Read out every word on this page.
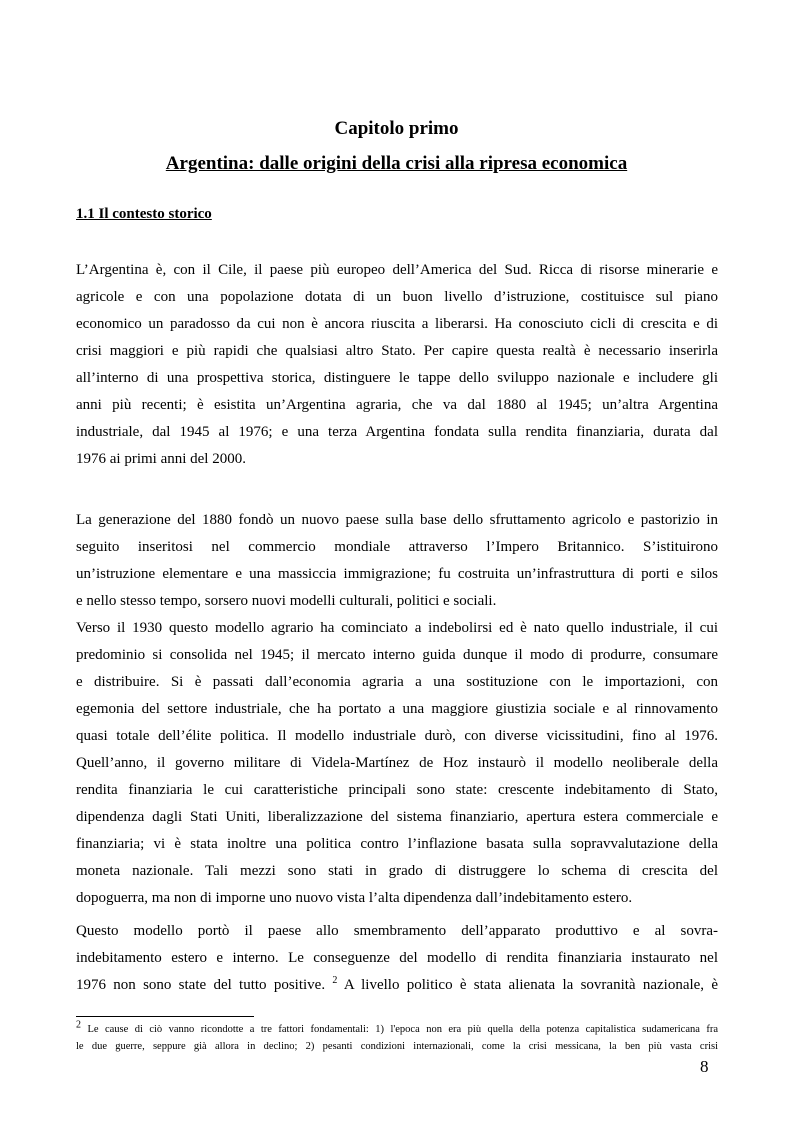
Capitolo primo
Argentina: dalle origini della crisi alla ripresa economica
1.1 Il contesto storico
L’Argentina è, con il Cile, il paese più europeo dell’America del Sud. Ricca di risorse minerarie e
agricole e con una popolazione dotata di un buon livello d’istruzione, costituisce sul piano
economico un paradosso da cui non è ancora riuscita a liberarsi. Ha conosciuto cicli di crescita e di
crisi maggiori e più rapidi che qualsiasi altro Stato. Per capire questa realtà è necessario inserirla
all’interno di una prospettiva storica, distinguere le tappe dello sviluppo nazionale e includere gli
anni più recenti; è esistita un’Argentina agraria, che va dal 1880 al 1945; un’altra Argentina
industriale, dal 1945 al 1976; e una terza Argentina fondata sulla rendita finanziaria, durata dal
1976 ai primi anni del 2000.
La generazione del 1880 fondò un nuovo paese sulla base dello sfruttamento agricolo e pastorizio in
seguito inseritosi nel commercio mondiale attraverso l’Impero Britannico. S’istituirono
un’istruzione elementare e una massiccia immigrazione; fu costruita un’infrastruttura di porti e silos
e nello stesso tempo, sorsero nuovi modelli culturali, politici e sociali.
Verso il 1930 questo modello agrario ha cominciato a indebolirsi ed è nato quello industriale, il cui
predominio si consolida nel 1945; il mercato interno guida dunque il modo di produrre, consumare
e distribuire. Si è passati dall’economia agraria a una sostituzione con le importazioni, con
egemonia del settore industriale, che ha portato a una maggiore giustizia sociale e al rinnovamento
quasi totale dell’élite politica. Il modello industriale durò, con diverse vicissitudini, fino al 1976.
Quell’anno, il governo militare di Videla-Martínez de Hoz instaurò il modello neoliberale della
rendita finanziaria le cui caratteristiche principali sono state: crescente indebitamento di Stato,
dipendenza dagli Stati Uniti, liberalizzazione del sistema finanziario, apertura estera commerciale e
finanziaria; vi è stata inoltre una politica contro l’inflazione basata sulla sopravvalutazione della
moneta nazionale. Tali mezzi sono stati in grado di distruggere lo schema di crescita del
dopoguerra, ma non di imporne uno nuovo vista l’alta dipendenza dall’indebitamento estero.
Questo modello portò il paese allo smembramento dell’apparato produttivo e al sovra-
indebitamento estero e interno. Le conseguenze del modello di rendita finanziaria instaurato nel
1976 non sono state del tutto positive. $^2$ A livello politico è stata alienata la sovranità nazionale, è
2 Le cause di ciò vanno ricondotte a tre fattori fondamentali: 1) l'epoca non era più quella della potenza capitalistica sudamericana fra
le due guerre, seppure già allora in declino; 2) pesanti condizioni internazionali, come la crisi messicana, la ben più vasta crisi
8
